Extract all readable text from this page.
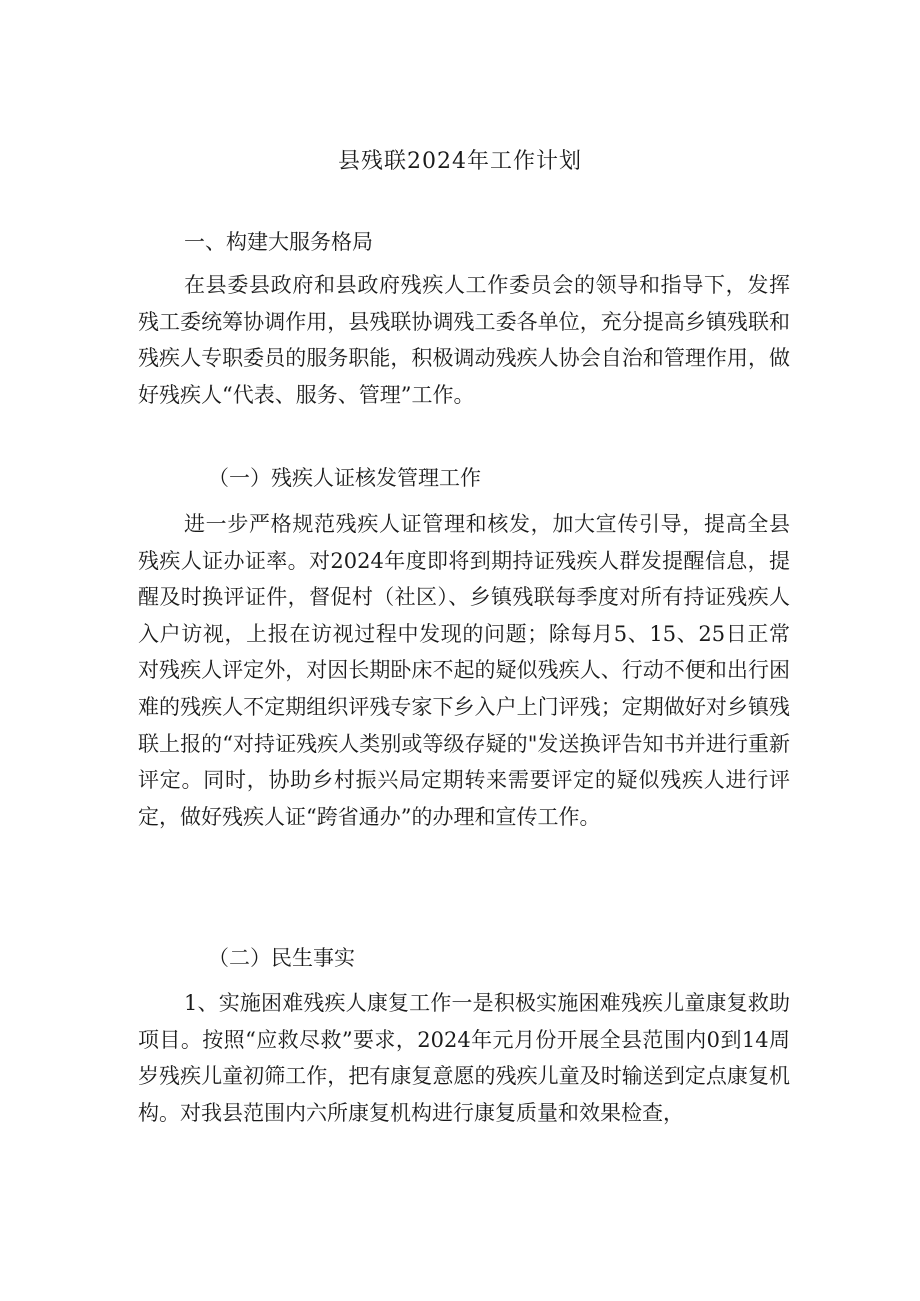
县残联2024年工作计划
一、构建大服务格局
在县委县政府和县政府残疾人工作委员会的领导和指导下，发挥残工委统筹协调作用，县残联协调残工委各单位，充分提高乡镇残联和残疾人专职委员的服务职能，积极调动残疾人协会自治和管理作用，做好残疾人“代表、服务、管理”工作。
（一）残疾人证核发管理工作
进一步严格规范残疾人证管理和核发，加大宣传引导，提高全县残疾人证办证率。对2024年度即将到期持证残疾人群发提醒信息，提醒及时换评证件，督促村（社区）、乡镇残联每季度对所有持证残疾人入户访视，上报在访视过程中发现的问题；除每月5、15、25日正常对残疾人评定外，对因长期卧床不起的疑似残疾人、行动不便和出行困难的残疾人不定期组织评残专家下乡入户上门评残；定期做好对乡镇残联上报的“对持证残疾人类别或等级存疑的"发送换评告知书并进行重新评定。同时，协助乡村振兴局定期转来需要评定的疑似残疾人进行评定，做好残疾人证“跨省通办”的办理和宣传工作。
（二）民生事实
1、实施困难残疾人康复工作一是积极实施困难残疾儿童康复救助项目。按照“应救尽救”要求，2024年元月份开展全县范围内0到14周岁残疾儿童初筛工作，把有康复意愿的残疾儿童及时输送到定点康复机构。对我县范围内六所康复机构进行康复质量和效果检查，
